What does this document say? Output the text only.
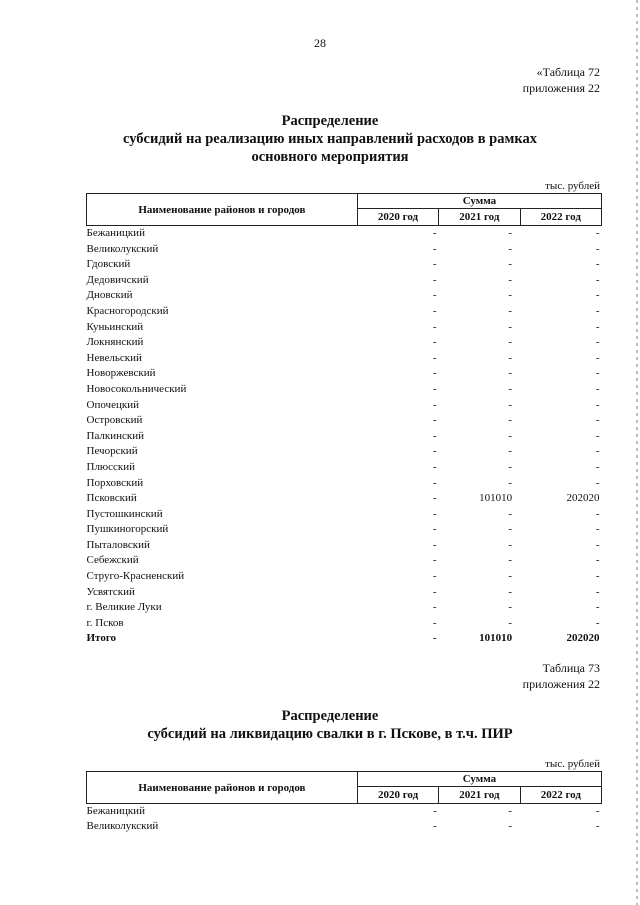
28
«Таблица 72
приложения 22
Распределение
субсидий на реализацию иных направлений расходов в рамках
основного мероприятия
тыс. рублей
Наименование районов и городов	Сумма		
	2020 год	2021 год	2022 год
Бежаницкий	-	-	-
Великолукский	-	-	-
Гдовский	-	-	-
Дедовичский	-	-	-
Дновский	-	-	-
Красногородский	-	-	-
Куньинский	-	-	-
Локнянский	-	-	-
Невельский	-	-	-
Новоржевский	-	-	-
Новосокольнический	-	-	-
Опочецкий	-	-	-
Островский	-	-	-
Палкинский	-	-	-
Печорский	-	-	-
Плюсский	-	-	-
Порховский	-	-	-
Псковский	-	101010	202020
Пустошкинский	-	-	-
Пушкиногорский	-	-	-
Пыталовский	-	-	-
Себежский	-	-	-
Струго-Красненский	-	-	-
Усвятский	-	-	-
г. Великие Луки	-	-	-
г. Псков	-	-	-
Итого	-	101010	202020
Таблица 73
приложения 22
Распределение
субсидий на ликвидацию свалки в г. Пскове, в т.ч. ПИР
тыс. рублей
Наименование районов и городов	Сумма		
	2020 год	2021 год	2022 год
Бежаницкий	-	-	-
Великолукский	-	-	-
